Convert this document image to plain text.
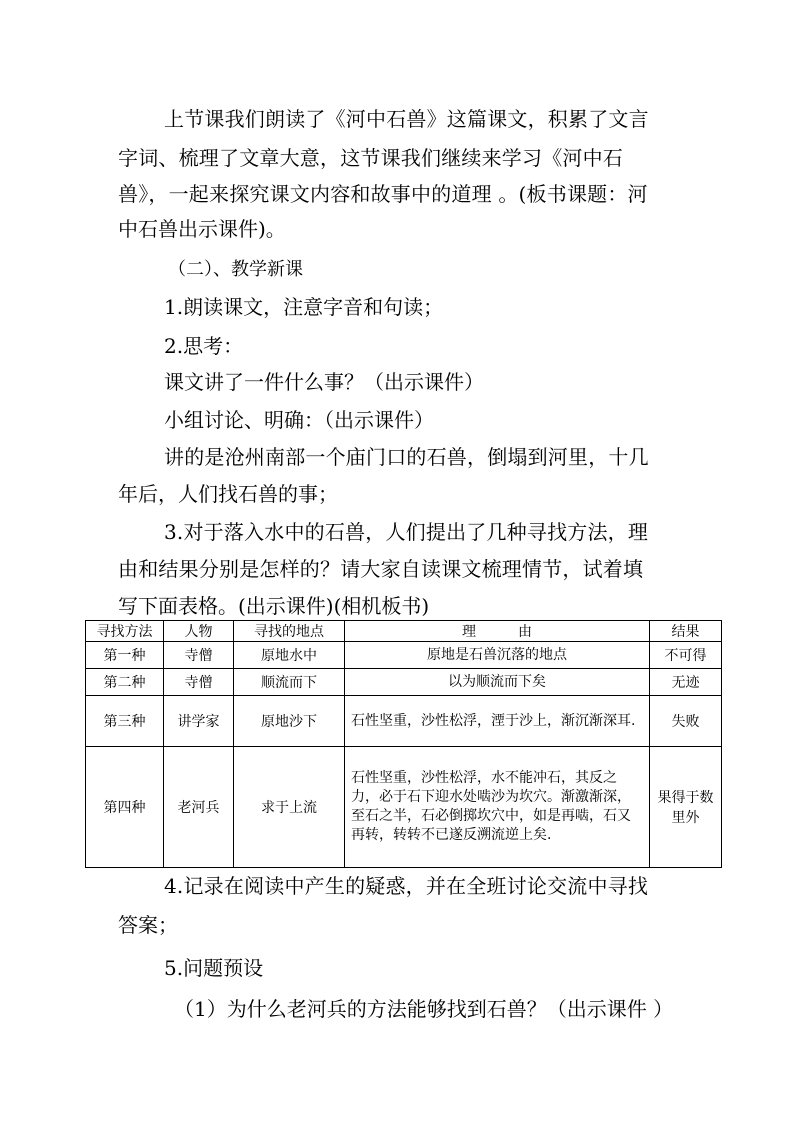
上节课我们朗读了《河中石兽》这篇课文，积累了文言
字词、梳理了文章大意，这节课我们继续来学习《河中石
兽》，一起来探究课文内容和故事中的道理 。(板书课题：河
中石兽出示课件)。
（二）、教学新课
1.朗读课文，注意字音和句读；
2.思考：
课文讲了一件什么事？（出示课件）
小组讨论、明确：（出示课件）
讲的是沧州南部一个庙门口的石兽，倒塌到河里，十几
年后，人们找石兽的事；
3.对于落入水中的石兽，人们提出了几种寻找方法，理
由和结果分别是怎样的？请大家自读课文梳理情节，试着填
写下面表格。(出示课件)(相机板书)
寻找方法	人物	寻找的地点	理　　　由	结果
第一种	寺僧	原地水中	原地是石兽沉落的地点	不可得
第二种	寺僧	顺流而下	以为顺流而下矣	无迹
第三种	讲学家	原地沙下	石性坚重，沙性松浮，湮于沙上，渐沉渐深耳.	失败
第四种	老河兵	求于上流	石性坚重，沙性松浮，水不能冲石，其反之力，必于石下迎水处啮沙为坎穴。渐激渐深，至石之半，石必倒掷坎穴中，如是再啮，石又再转，转转不已遂反溯流逆上矣.	果得于数里外
4.记录在阅读中产生的疑惑，并在全班讨论交流中寻找
答案；
5.问题预设
（1）为什么老河兵的方法能够找到石兽？（出示课件 ）
